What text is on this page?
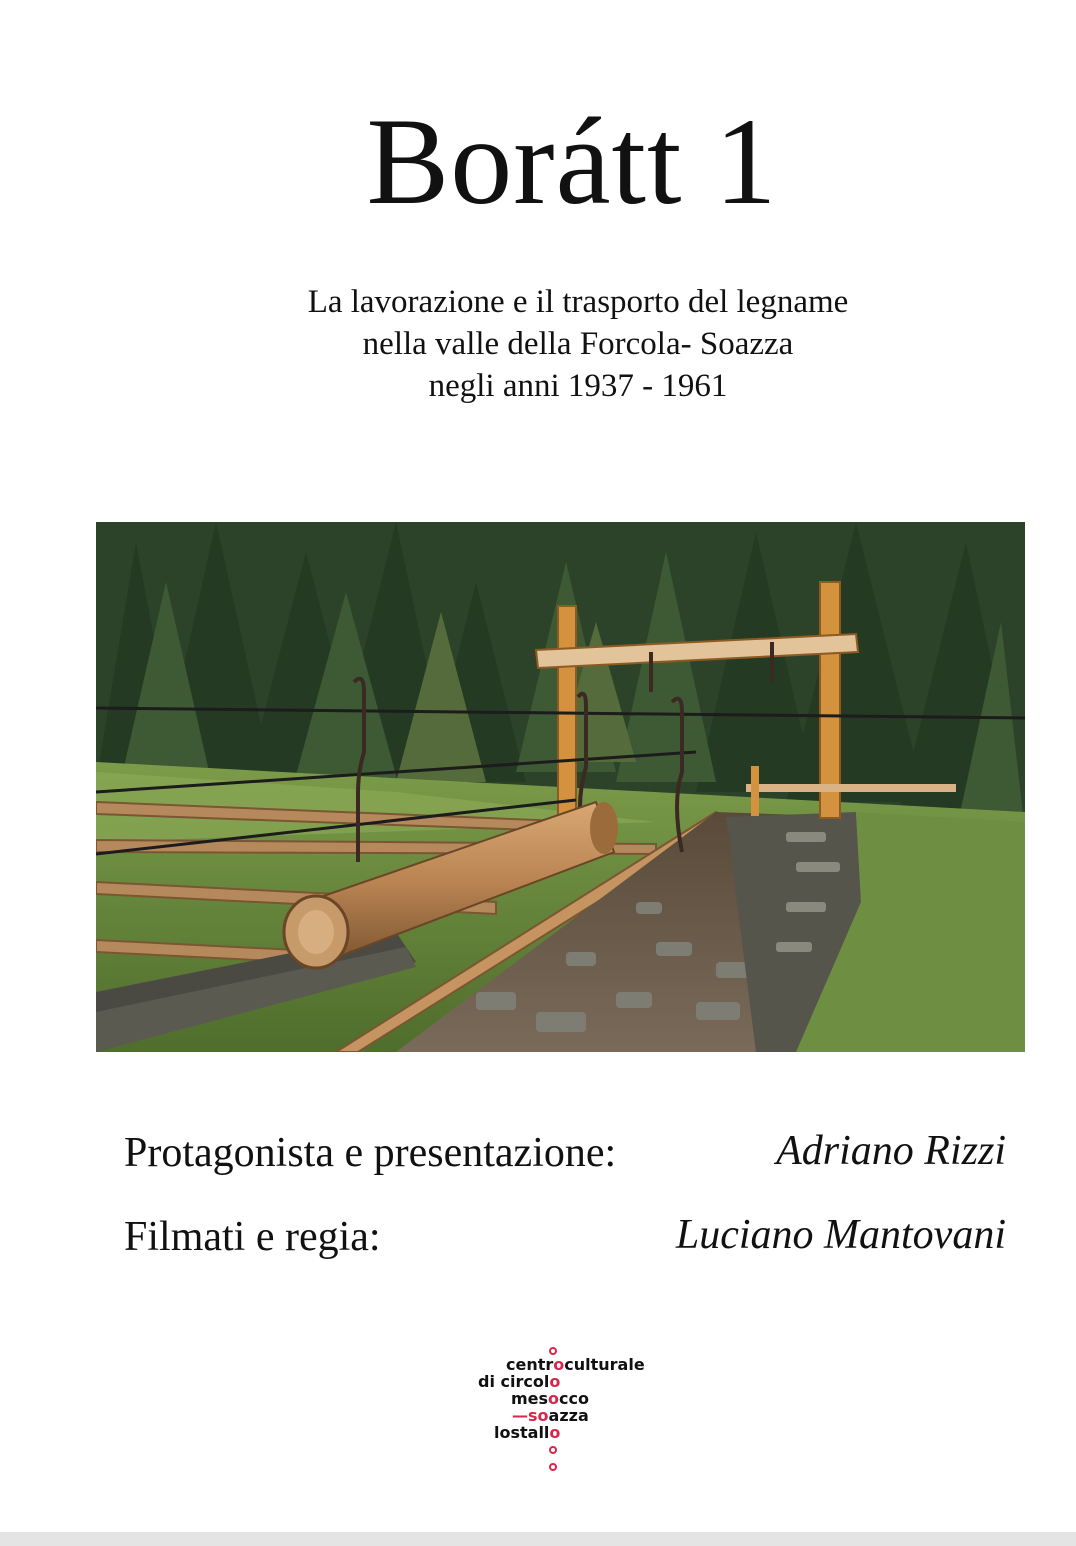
Borátt 1

La lavorazione e il trasporto del legname

nella valle della Forcola- Soazza

negli anni 1937 - 1961

Protagonista e presentazione:	Adriano Rizzi

Filmati e regia:	Luciano Mantovani

centroculturale
di circolo
mesocco
—soazza
lostallo
